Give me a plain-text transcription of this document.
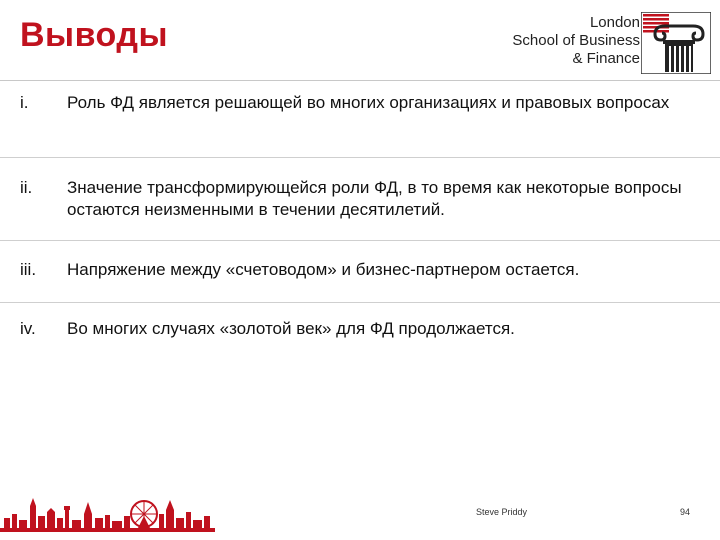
Выводы	London
School of Business
& Finance
i. Роль ФД является решающей во многих организациях и правовых вопросах
ii. Значение трансформирующейся роли ФД, в то время как некоторые вопросы остаются неизменными в течении десятилетий.
iii. Напряжение между «счетоводом» и бизнес-партнером остается.
iv. Во многих случаях «золотой век» для ФД продолжается.
Steve Priddy	94
